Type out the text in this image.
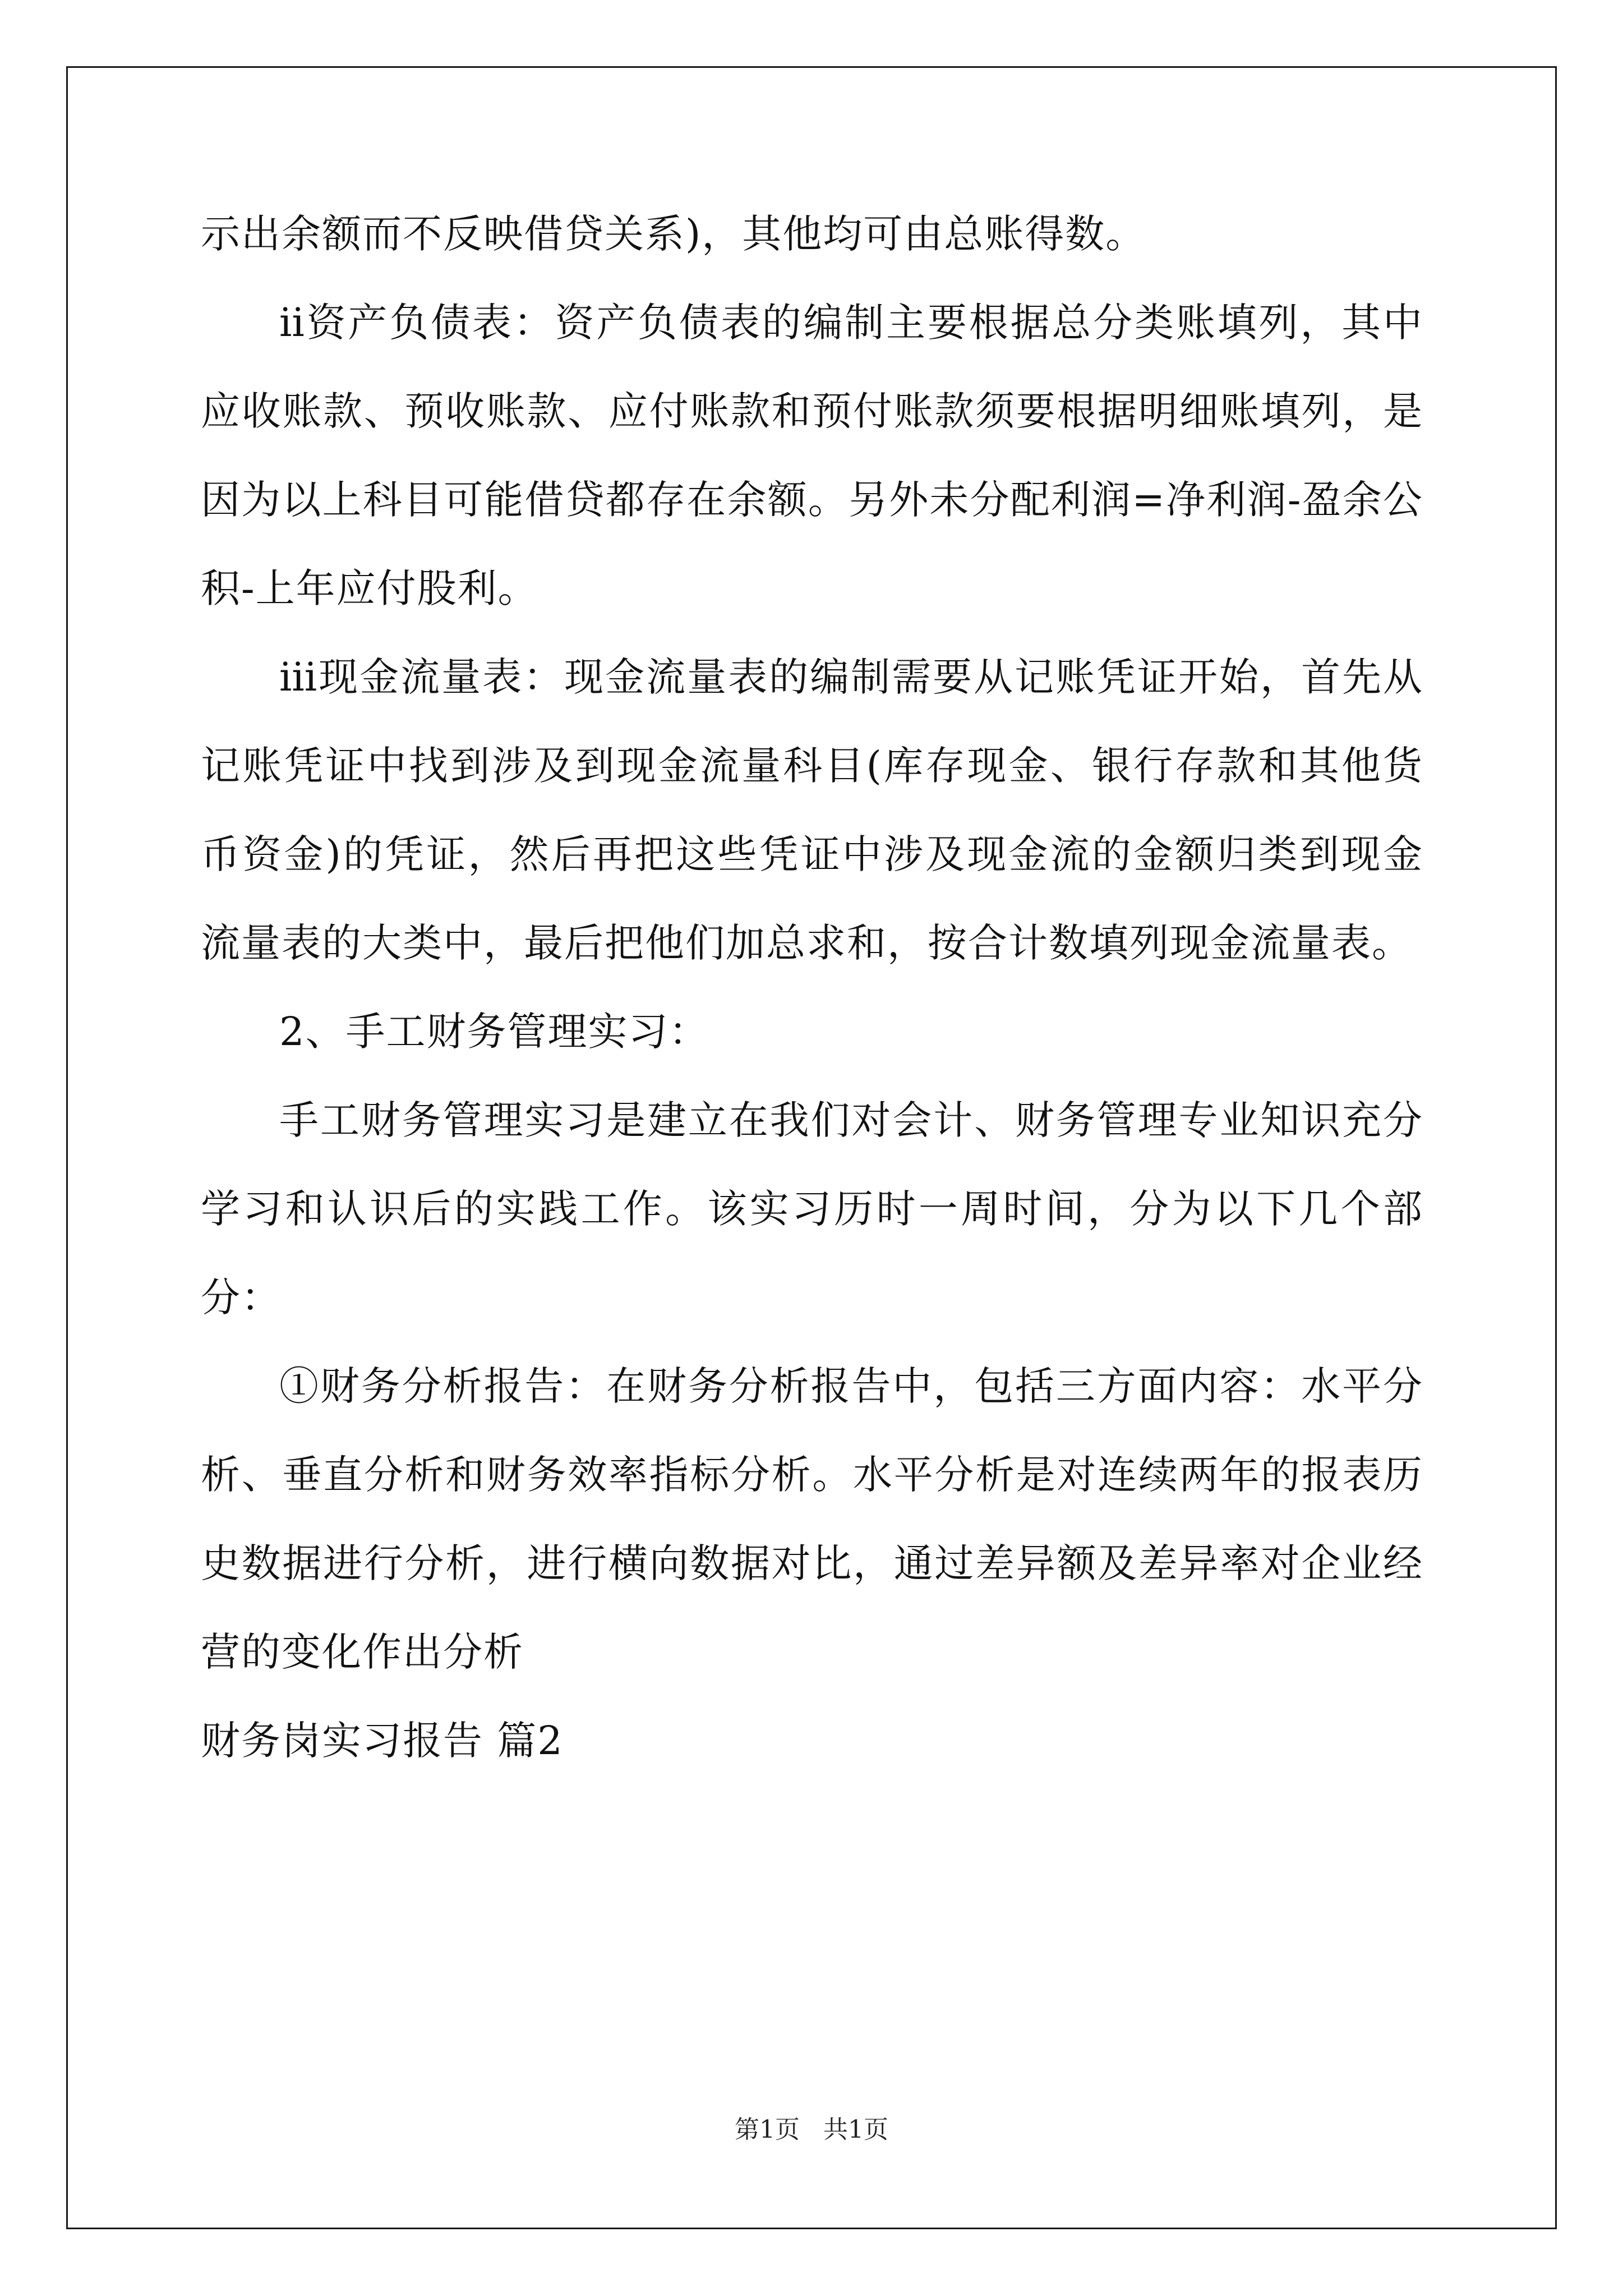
示出余额而不反映借贷关系)，其他均可由总账得数。

ⅱ资产负债表：资产负债表的编制主要根据总分类账填列，其中应收账款、预收账款、应付账款和预付账款须要根据明细账填列，是因为以上科目可能借贷都存在余额。另外未分配利润=净利润-盈余公积-上年应付股利。

ⅲ现金流量表：现金流量表的编制需要从记账凭证开始，首先从记账凭证中找到涉及到现金流量科目(库存现金、银行存款和其他货币资金)的凭证，然后再把这些凭证中涉及现金流的金额归类到现金流量表的大类中，最后把他们加总求和，按合计数填列现金流量表。

2、手工财务管理实习：

手工财务管理实习是建立在我们对会计、财务管理专业知识充分学习和认识后的实践工作。该实习历时一周时间，分为以下几个部分：

①财务分析报告：在财务分析报告中，包括三方面内容：水平分析、垂直分析和财务效率指标分析。水平分析是对连续两年的报表历史数据进行分析，进行横向数据对比，通过差异额及差异率对企业经营的变化作出分析

财务岗实习报告 篇2

第1页 共1页
